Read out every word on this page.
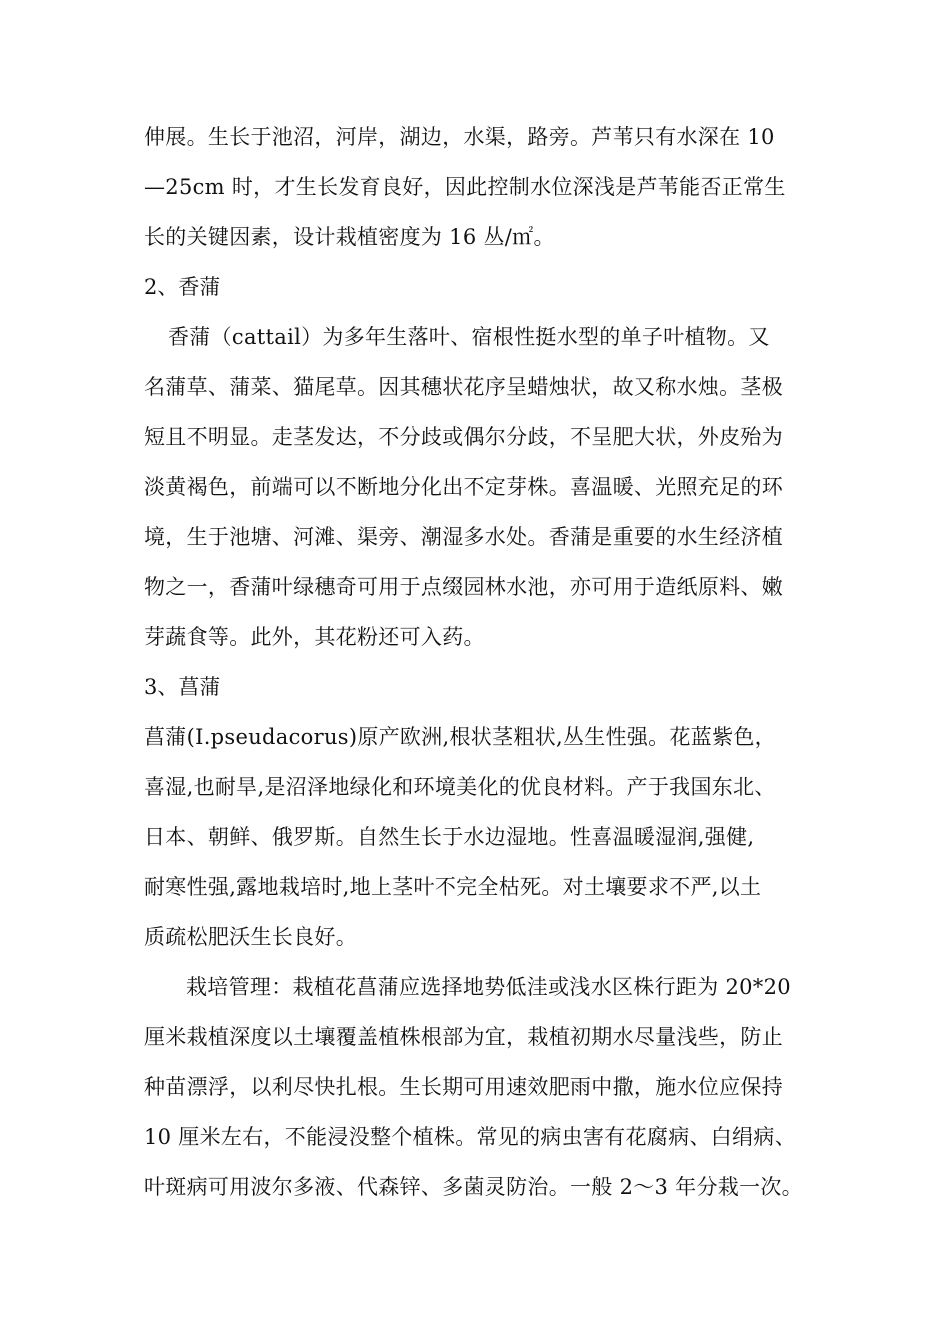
伸展。生长于池沼，河岸，湖边，水渠，路旁。芦苇只有水深在 10
—25cm 时，才生长发育良好，因此控制水位深浅是芦苇能否正常生
长的关键因素，设计栽植密度为 16 丛/㎡。
2、香蒲
香蒲（cattail）为多年生落叶、宿根性挺水型的单子叶植物。又
名蒲草、蒲菜、猫尾草。因其穗状花序呈蜡烛状，故又称水烛。茎极
短且不明显。走茎发达，不分歧或偶尔分歧，不呈肥大状，外皮殆为
淡黄褐色，前端可以不断地分化出不定芽株。喜温暖、光照充足的环
境，生于池塘、河滩、渠旁、潮湿多水处。香蒲是重要的水生经济植
物之一，香蒲叶绿穗奇可用于点缀园林水池，亦可用于造纸原料、嫩
芽蔬食等。此外，其花粉还可入药。
3、菖蒲
菖蒲(I.pseudacorus)原产欧洲,根状茎粗状,丛生性强。花蓝紫色，
喜湿,也耐旱,是沼泽地绿化和环境美化的优良材料。产于我国东北、
日本、朝鲜、俄罗斯。自然生长于水边湿地。性喜温暖湿润,强健,
耐寒性强,露地栽培时,地上茎叶不完全枯死。对土壤要求不严,以土
质疏松肥沃生长良好。
栽培管理：栽植花菖蒲应选择地势低洼或浅水区株行距为 20*20
厘米栽植深度以土壤覆盖植株根部为宜，栽植初期水尽量浅些，防止
种苗漂浮，以利尽快扎根。生长期可用速效肥雨中撒，施水位应保持
10 厘米左右，不能浸没整个植株。常见的病虫害有花腐病、白绢病、
叶斑病可用波尔多液、代森锌、多菌灵防治。一般 2～3 年分栽一次。
